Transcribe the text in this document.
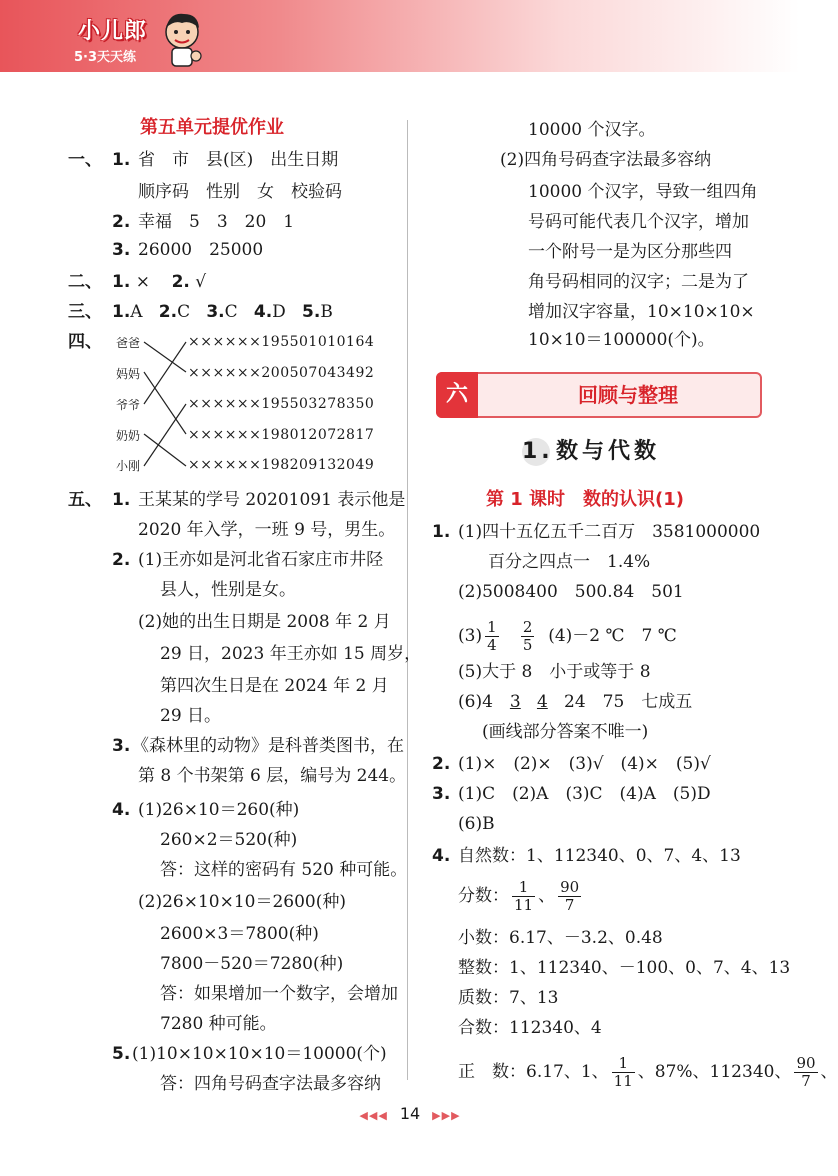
小儿郎
5·3天天练
第五单元提优作业
一、 1. 省　市　县(区)　出生日期
顺序码　性别　女　校验码
2. 幸福　5　3　20　1
3. 26000　25000
二、 1. × 2. √
三、 1.A 2.C 3.C 4.D 5.B
四、 爸爸
妈妈
爷爷
奶奶
小刚
××××××195501010164
××××××200507043492
××××××195503278350
××××××198012072817
××××××198209132049
五、 1. 王某某的学号 20201091 表示他是
2020 年入学，一班 9 号，男生。
2. (1)王亦如是河北省石家庄市井陉
县人，性别是女。
(2)她的出生日期是 2008 年 2 月
29 日，2023 年王亦如 15 周岁，
第四次生日是在 2024 年 2 月
29 日。
3. 《森林里的动物》是科普类图书，在
第 8 个书架第 6 层，编号为 244。
4. (1)26×10＝260(种)
260×2＝520(种)
答：这样的密码有 520 种可能。
(2)26×10×10＝2600(种)
2600×3＝7800(种)
7800－520＝7280(种)
答：如果增加一个数字，会增加
7280 种可能。
5. (1)10×10×10×10＝10000(个)
答：四角号码查字法最多容纳
10000 个汉字。
(2)四角号码查字法最多容纳
10000 个汉字，导致一组四角
号码可能代表几个汉字，增加
一个附号一是为区分那些四
角号码相同的汉字；二是为了
增加汉字容量，10×10×10×
10×10＝100000(个)。
六	回顾与整理
1. 数与代数
第 1 课时　数的认识(1)
1. (1)四十五亿五千二百万　3581000000
百分之四点一　1.4%
(2)5008400　500.84　501
$(3) \frac{1}{4}$
$\frac{2}{5} (4)-2$ ℃　7 ℃
(5)大于 8　小于或等于 8
(6)4　3 4 24　75　七成五
(画线部分答案不唯一)
2. (1)×　(2)×　(3)√　(4)×　(5)√
3. (1)C　(2)A　(3)C　(4)A　(5)D
(6)B
4. 自然数：1、112340、0、7、4、13
分数： $\frac{1}{11}$ 、 $\frac{90}{7}$
小数：6.17、－3.2、0.48
整数：1、112340、－100、0、7、4、13
质数：7、13
合数：112340、4
正　数：6.17、1、 $\frac{1}{11}$ 、87%、112340、 $\frac{90}{7}$ 、
◀◀◀ 14 ▶▶▶
